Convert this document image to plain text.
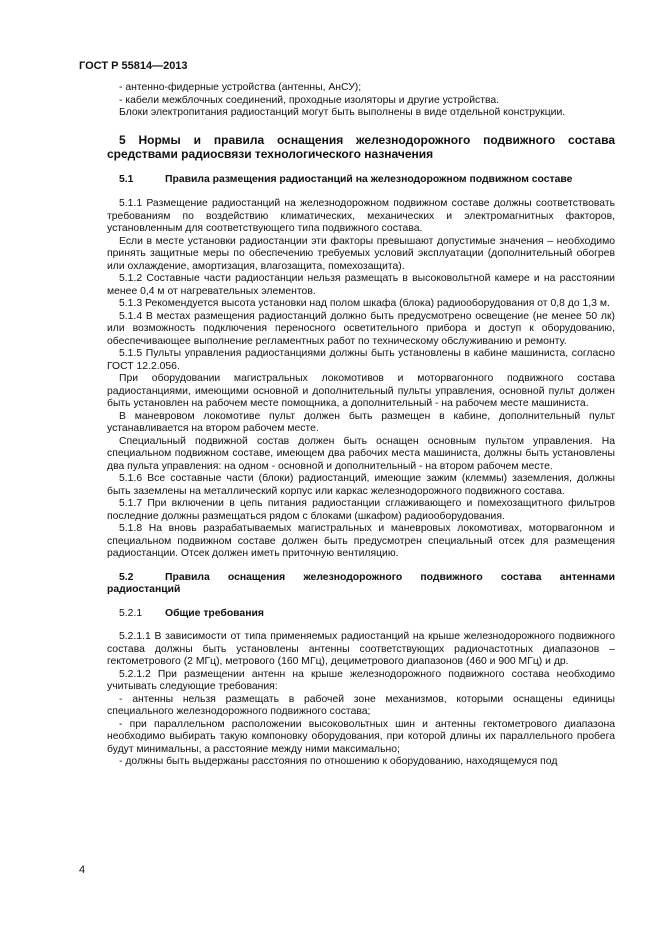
ГОСТ Р 55814—2013

- антенно-фидерные устройства (антенны, АнСУ);

- кабели межблочных соединений, проходные изоляторы и другие устройства.

Блоки электропитания радиостанций могут быть выполнены в виде отдельной конструкции.

5 Нормы и правила оснащения железнодорожного подвижного состава средствами радиосвязи технологического назначения
5.1	Правила размещения радиостанций на железнодорожном подвижном составе

5.1.1 Размещение радиостанций на железнодорожном подвижном составе должны соответствовать требованиям по воздействию климатических, механических и электромагнитных факторов, установленным для соответствующего типа подвижного состава.

Если в месте установки радиостанции эти факторы превышают допустимые значения – необходимо принять защитные меры по обеспечению требуемых условий эксплуатации (дополнительный обогрев или охлаждение, амортизация, влагозащита, помехозащита).

5.1.2 Составные части радиостанции нельзя размещать в высоковольтной камере и на расстоянии менее 0,4 м от нагревательных элементов.

5.1.3 Рекомендуется высота установки над полом шкафа (блока) радиооборудования от 0,8 до 1,3 м.

5.1.4 В местах размещения радиостанций должно быть предусмотрено освещение (не менее 50 лк) или возможность подключения переносного осветительного прибора и доступ к оборудованию, обеспечивающее выполнение регламентных работ по техническому обслуживанию и ремонту.

5.1.5 Пульты управления радиостанциями должны быть установлены в кабине машиниста, согласно ГОСТ 12.2.056.

При оборудовании магистральных локомотивов и моторвагонного подвижного состава радиостанциями, имеющими основной и дополнительный пульты управления, основной пульт должен быть установлен на рабочем месте помощника, а дополнительный - на рабочем месте машиниста.

В маневровом локомотиве пульт должен быть размещен в кабине, дополнительный пульт устанавливается на втором рабочем месте.

Специальный подвижной состав должен быть оснащен основным пультом управления. На специальном подвижном составе, имеющем два рабочих места машиниста, должны быть установлены два пульта управления: на одном - основной и дополнительный - на втором рабочем месте.

5.1.6 Все составные части (блоки) радиостанций, имеющие зажим (клеммы) заземления, должны быть заземлены на металлический корпус или каркас железнодорожного подвижного состава.

5.1.7 При включении в цепь питания радиостанции сглаживающего и помехозащитного фильтров последние должны размещаться рядом с блоками (шкафом) радиооборудования.

5.1.8 На вновь разрабатываемых магистральных и маневровых локомотивах, моторвагонном и специальном подвижном составе должен быть предусмотрен специальный отсек для размещения радиостанции. Отсек должен иметь приточную вентиляцию.

5.2	Правила оснащения железнодорожного подвижного состава антеннами радиостанций
5.2.1 Общие требования

5.2.1.1 В зависимости от типа применяемых радиостанций на крыше железнодорожного подвижного состава должны быть установлены антенны соответствующих радиочастотных диапазонов – гектометрового (2 МГц), метрового (160 МГц), дециметрового диапазонов (460 и 900 МГц) и др.

5.2.1.2 При размещении антенн на крыше железнодорожного подвижного состава необходимо учитывать следующие требования:

- антенны нельзя размещать в рабочей зоне механизмов, которыми оснащены единицы специального железнодорожного подвижного состава;

- при параллельном расположении высоковольтных шин и антенны гектометрового диапазона необходимо выбирать такую компоновку оборудования, при которой длины их параллельного пробега будут минимальны, а расстояние между ними максимально;

- должны быть выдержаны расстояния по отношению к оборудованию, находящемуся под

4
